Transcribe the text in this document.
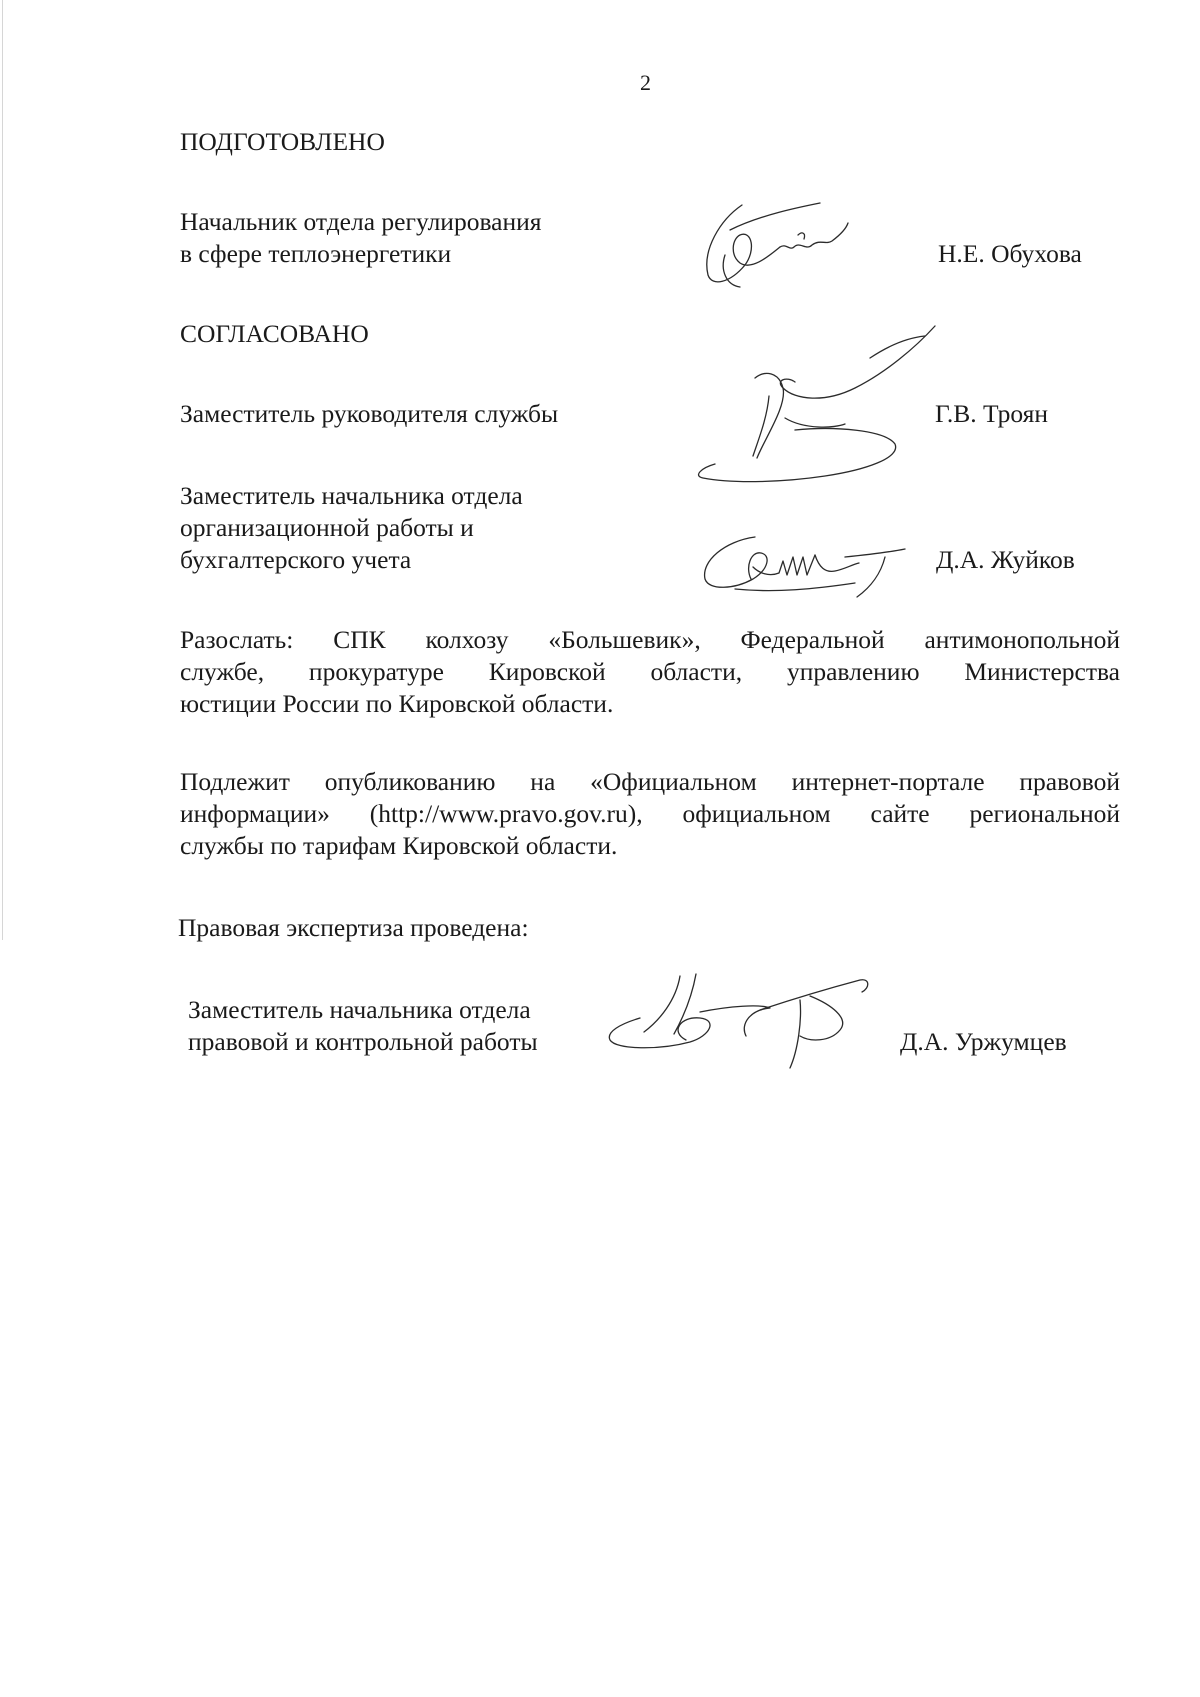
2
ПОДГОТОВЛЕНО
Начальник отдела регулирования
в сфере теплоэнергетики	Н.Е. Обухова
СОГЛАСОВАНО
Заместитель руководителя службы	Г.В. Троян
Заместитель начальника отдела
организационной работы и
бухгалтерского учета	Д.А. Жуйков
Разослать: СПК колхозу «Большевик», Федеральной антимонопольной
службе, прокуратуре Кировской области, управлению Министерства
юстиции России по Кировской области.
Подлежит опубликованию на «Официальном интернет-портале правовой
информации» (http://www.pravo.gov.ru), официальном сайте региональной
службы по тарифам Кировской области.
Правовая экспертиза проведена:
Заместитель начальника отдела
правовой и контрольной работы	Д.А. Уржумцев
